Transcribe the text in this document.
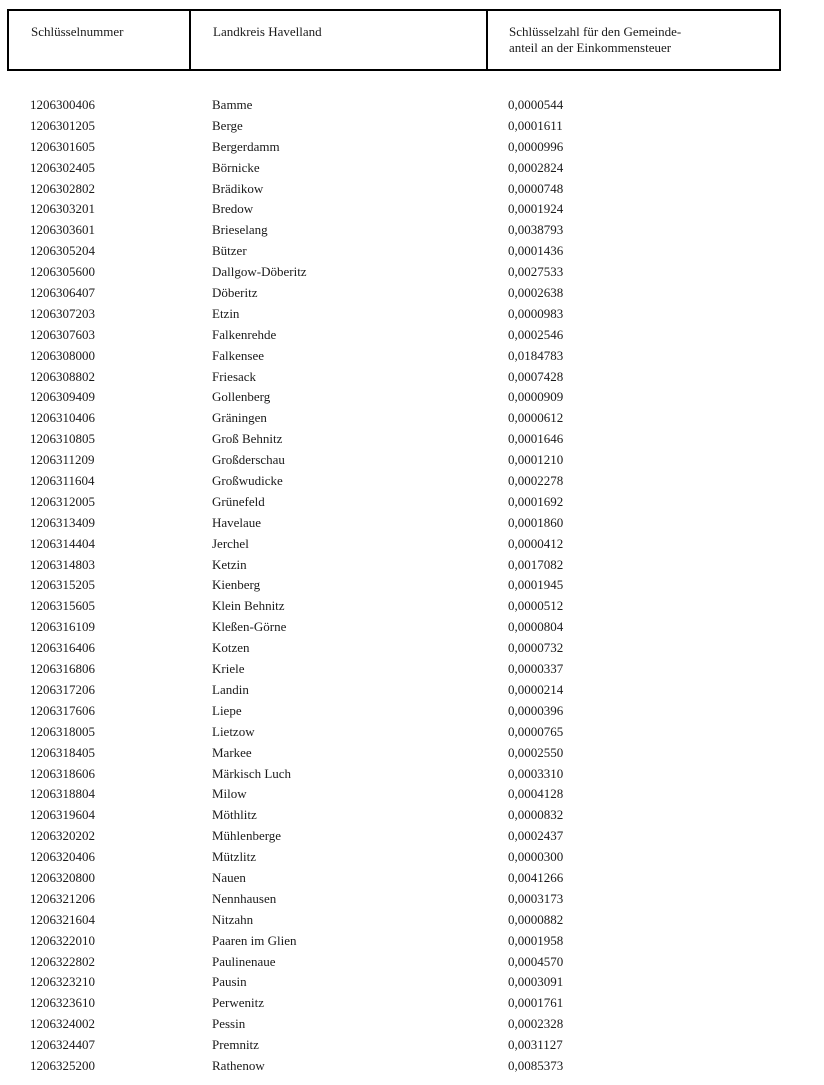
Schlüsselnummer	Landkreis Havelland	Schlüsselzahl für den Gemeinde-
anteil an der Einkommensteuer
1206300406	Bamme	0,0000544
1206301205	Berge	0,0001611
1206301605	Bergerdamm	0,0000996
1206302405	Börnicke	0,0002824
1206302802	Brädikow	0,0000748
1206303201	Bredow	0,0001924
1206303601	Brieselang	0,0038793
1206305204	Bützer	0,0001436
1206305600	Dallgow-Döberitz	0,0027533
1206306407	Döberitz	0,0002638
1206307203	Etzin	0,0000983
1206307603	Falkenrehde	0,0002546
1206308000	Falkensee	0,0184783
1206308802	Friesack	0,0007428
1206309409	Gollenberg	0,0000909
1206310406	Gräningen	0,0000612
1206310805	Groß Behnitz	0,0001646
1206311209	Großderschau	0,0001210
1206311604	Großwudicke	0,0002278
1206312005	Grünefeld	0,0001692
1206313409	Havelaue	0,0001860
1206314404	Jerchel	0,0000412
1206314803	Ketzin	0,0017082
1206315205	Kienberg	0,0001945
1206315605	Klein Behnitz	0,0000512
1206316109	Kleßen-Görne	0,0000804
1206316406	Kotzen	0,0000732
1206316806	Kriele	0,0000337
1206317206	Landin	0,0000214
1206317606	Liepe	0,0000396
1206318005	Lietzow	0,0000765
1206318405	Markee	0,0002550
1206318606	Märkisch Luch	0,0003310
1206318804	Milow	0,0004128
1206319604	Möthlitz	0,0000832
1206320202	Mühlenberge	0,0002437
1206320406	Mützlitz	0,0000300
1206320800	Nauen	0,0041266
1206321206	Nennhausen	0,0003173
1206321604	Nitzahn	0,0000882
1206322010	Paaren im Glien	0,0001958
1206322802	Paulinenaue	0,0004570
1206323210	Pausin	0,0003091
1206323610	Perwenitz	0,0001761
1206324002	Pessin	0,0002328
1206324407	Premnitz	0,0031127
1206325200	Rathenow	0,0085373
